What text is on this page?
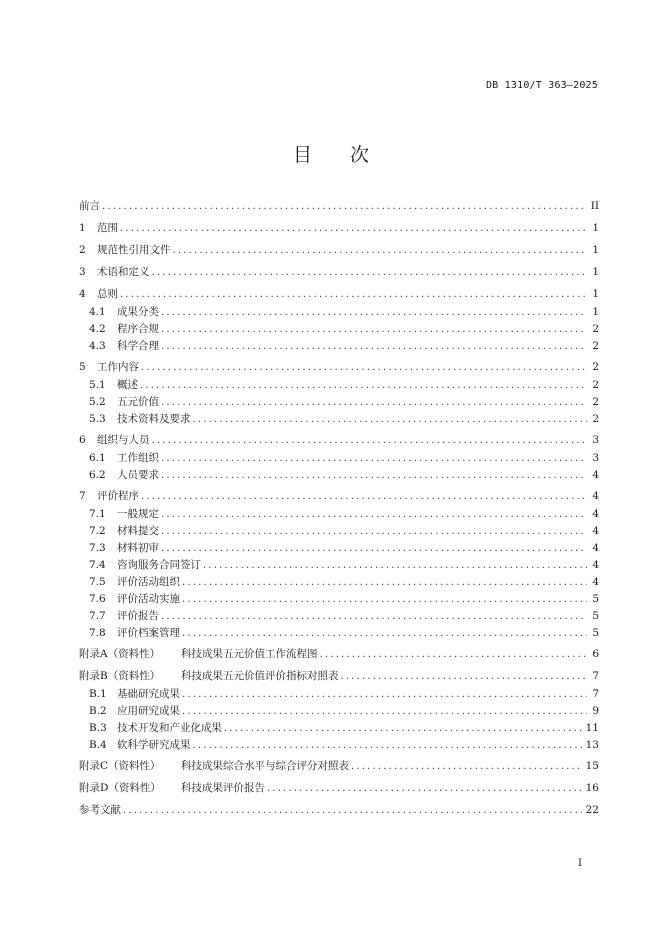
DB 1310/T 363—2025
目 次
前言 .....	II
1 范围 .....	1
2 规范性引用文件 .....	1
3 术语和定义 .....	1
4 总则 .....	1
4.1 成果分类 .....	1
4.2 程序合规 .....	2
4.3 科学合理 .....	2
5 工作内容 .....	2
5.1 概述 .....	2
5.2 五元价值 .....	2
5.3 技术资料及要求 .....	2
6 组织与人员 .....	3
6.1 工作组织 .....	3
6.2 人员要求 .....	4
7 评价程序 .....	4
7.1 一般规定 .....	4
7.2 材料提交 .....	4
7.3 材料初审 .....	4
7.4 咨询服务合同签订 .....	4
7.5 评价活动组织 .....	4
7.6 评价活动实施 .....	5
7.7 评价报告 .....	5
7.8 评价档案管理 .....	5
附录A（资料性） 科技成果五元价值工作流程图 .....	6
附录B（资料性） 科技成果五元价值评价指标对照表 .....	7
B.1 基础研究成果 .....	7
B.2 应用研究成果 .....	9
B.3 技术开发和产业化成果 .....	11
B.4 软科学研究成果 .....	13
附录C（资料性） 科技成果综合水平与综合评分对照表 .....	15
附录D（资料性） 科技成果评价报告 .....	16
参考文献 .....	22
I
